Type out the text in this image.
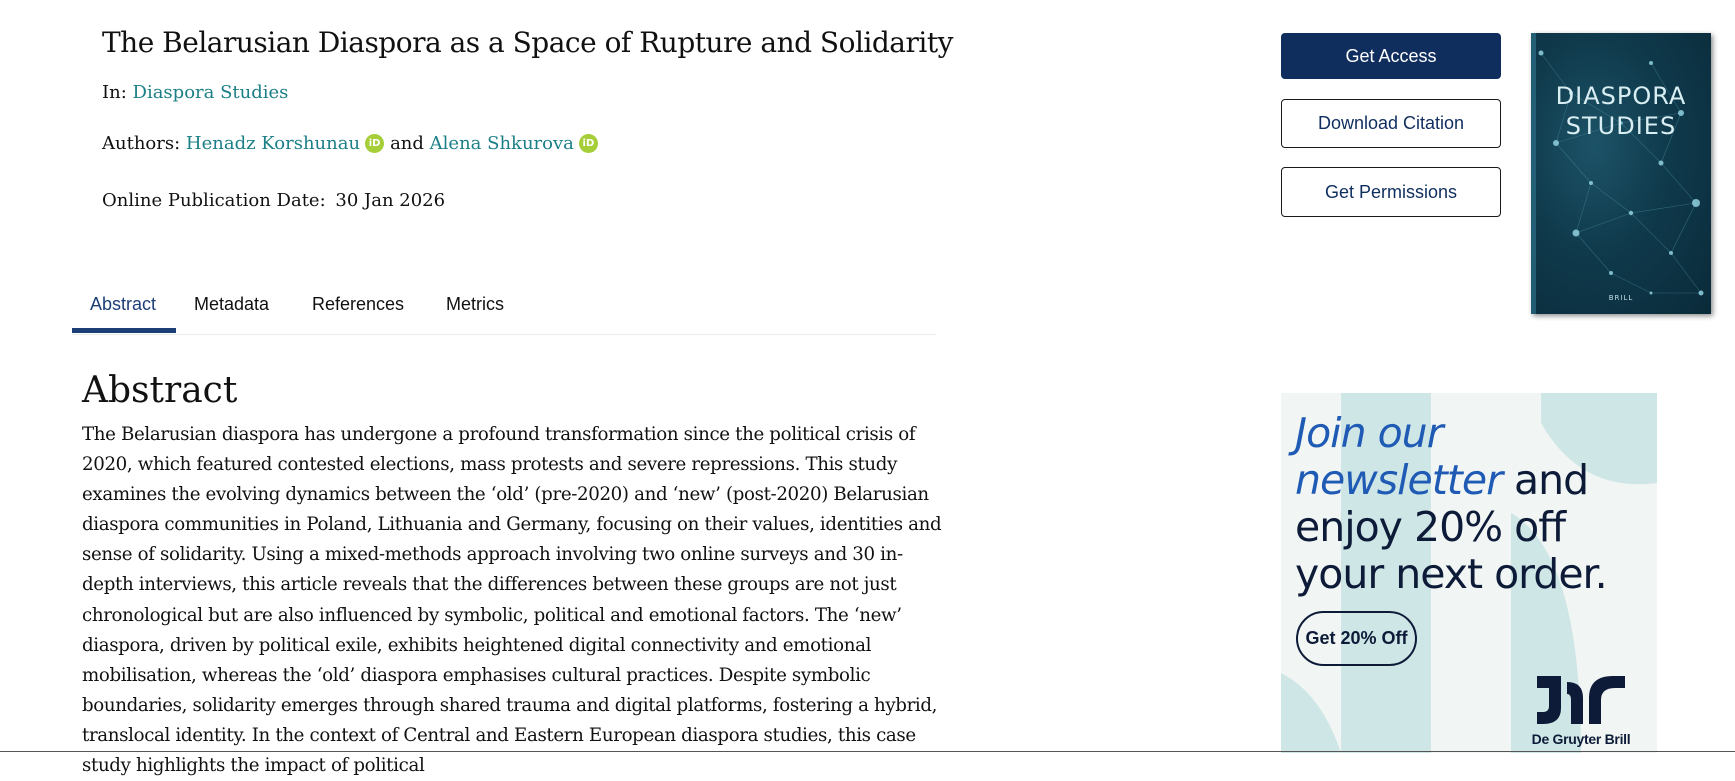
The Belarusian Diaspora as a Space of Rupture and Solidarity
In: Diaspora Studies
Authors: Henadz Korshunau iD and Alena Shkurova iD
Online Publication Date: 30 Jan 2026
Abstract Metadata References Metrics
Abstract

The Belarusian diaspora has undergone a profound transformation since the political crisis of 2020, which featured contested elections, mass protests and severe repressions. This study examines the evolving dynamics between the ‘old’ (pre-2020) and ‘new’ (post-2020) Belarusian diaspora communities in Poland, Lithuania and Germany, focusing on their values, identities and sense of solidarity. Using a mixed-methods approach involving two online surveys and 30 in-depth interviews, this article reveals that the differences between these groups are not just chronological but are also influenced by symbolic, political and emotional factors. The ‘new’ diaspora, driven by political exile, exhibits heightened digital connectivity and emotional mobilisation, whereas the ‘old’ diaspora emphasises cultural practices. Despite symbolic boundaries, solidarity emerges through shared trauma and digital platforms, fostering a hybrid, translocal identity. In the context of Central and Eastern European diaspora studies, this case study highlights the impact of political

Get Access
Download Citation
Get Permissions
DIASPORA
STUDIES
BRILL
Join our newsletter and enjoy 20% off your next order.
Get 20% Off
De Gruyter Brill
